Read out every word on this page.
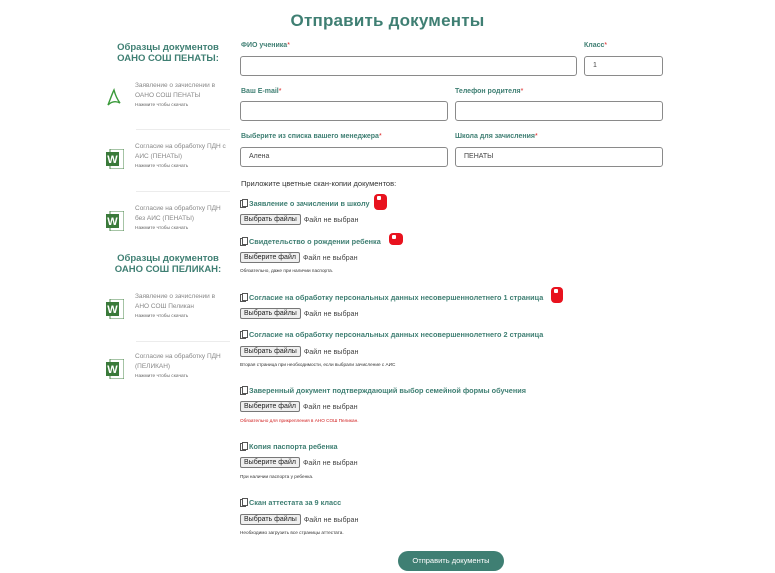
Отправить документы
Образцы документов ОАНО СОШ ПЕНАТЫ:
Заявление о зачислении в ОАНО СОШ ПЕНАТЫ
Нажмите чтобы скачать
W
Согласие на обработку ПДН с АИС (ПЕНАТЫ)
Нажмите чтобы скачать
W
Согласие на обработку ПДН без АИС (ПЕНАТЫ)
Нажмите чтобы скачать
Образцы документов ОАНО СОШ ПЕЛИКАН:
W
Заявление о зачислении в АНО СОШ Пеликан
Нажмите чтобы скачать
W
Согласие на обработку ПДН (ПЕЛИКАН)
Нажмите чтобы скачать
ФИО ученика*	Класс*
1
Ваш E-mail*	Телефон родителя*
Выберите из списка вашего менеджера*
Алена
Школа для зачисления*
ПЕНАТЫ
Приложите цветные скан-копии документов:
Заявление о зачислении в школу
Выбрать файлы Файл не выбран
Свидетельство о рождении ребенка
Выберите файл Файл не выбран
Обязательно, даже при наличии паспорта.
Согласие на обработку персональных данных несовершеннолетнего 1 страница
Выбрать файлы Файл не выбран
Согласие на обработку персональных данных несовершеннолетнего 2 страница
Выбрать файлы Файл не выбран
Вторая страница при необходимости, если выбрали зачисление с АИС
Заверенный документ подтверждающий выбор семейной формы обучения
Выберите файл Файл не выбран
Обязательно для прикрепления в АНО СОШ Пеликан.
Копия паспорта ребенка
Выберите файл Файл не выбран
При наличии паспорта у ребенка.
Скан аттестата за 9 класс
Выбрать файлы Файл не выбран
Необходимо загрузить все страницы аттестата.
Отправить документы
